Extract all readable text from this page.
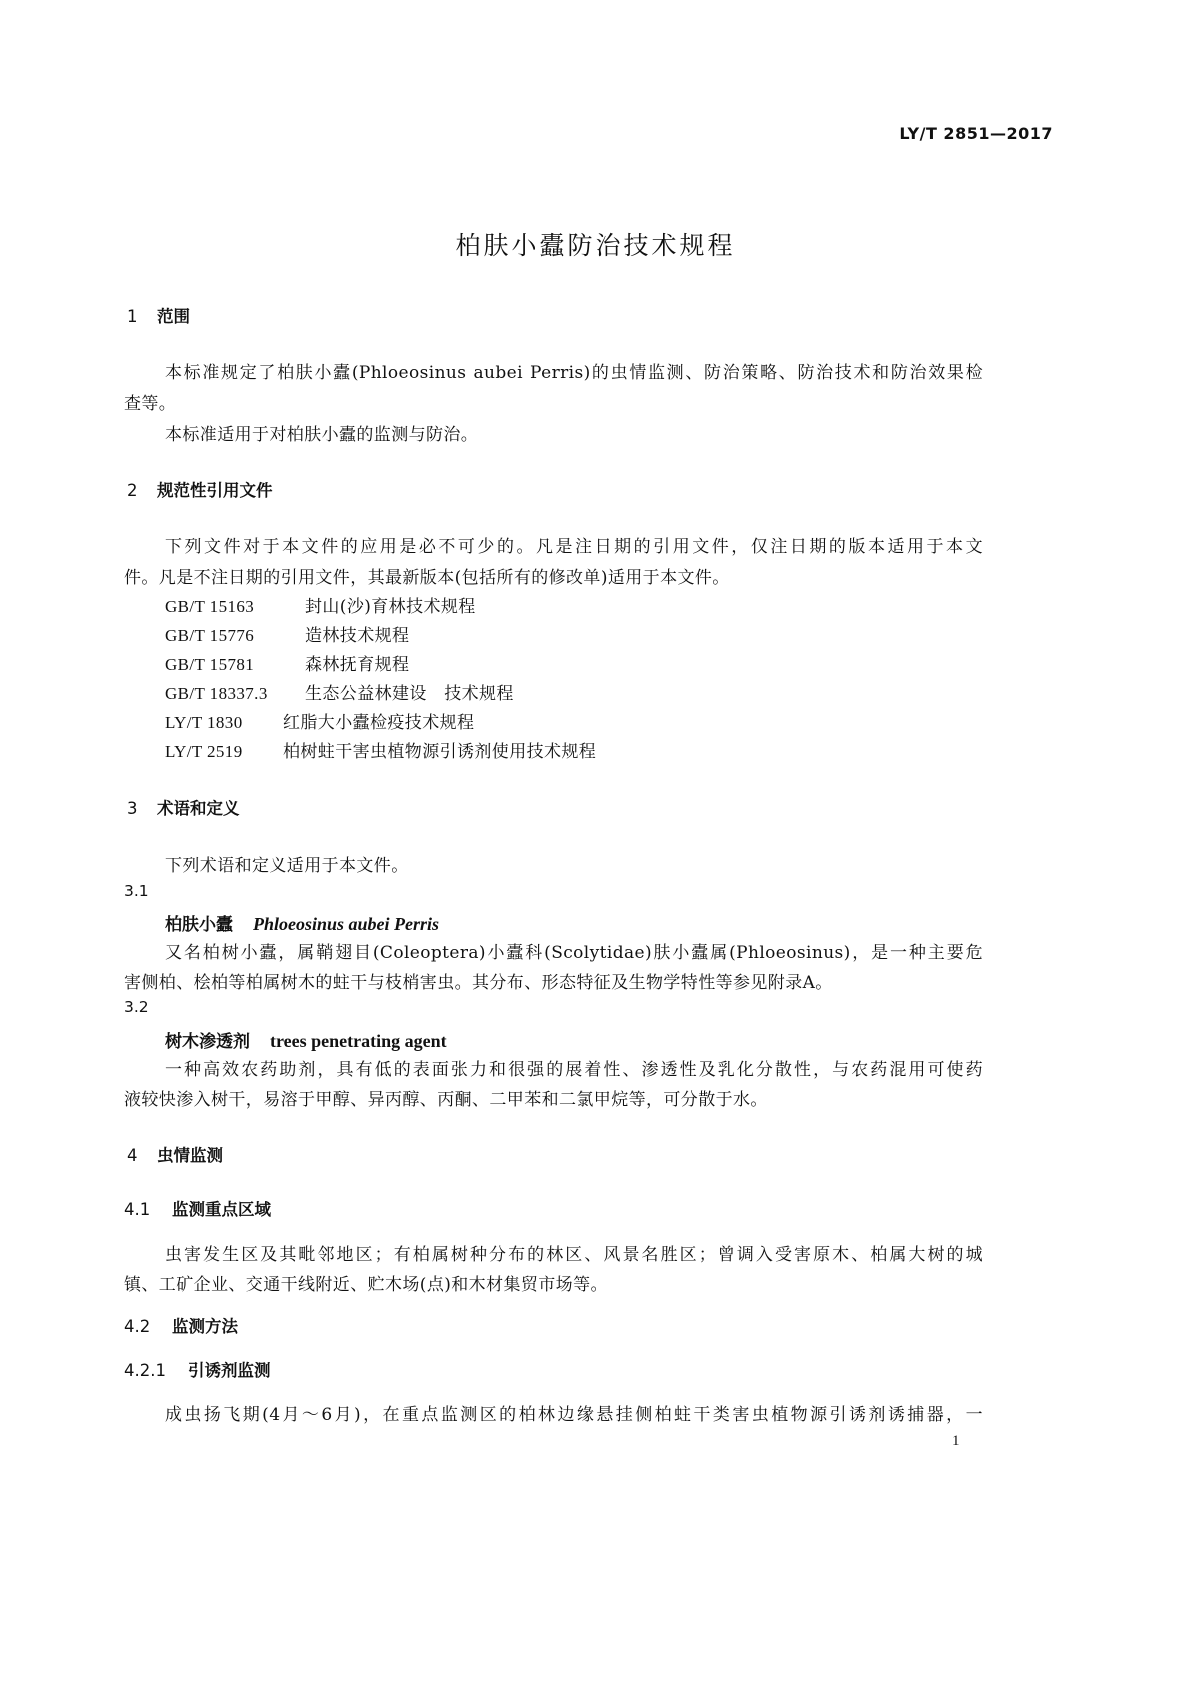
LY/T 2851—2017
柏肤小蠹防治技术规程
1 范围
本标准规定了柏肤小蠹(Phloeosinus aubei Perris)的虫情监测、防治策略、防治技术和防治效果检
查等。
本标准适用于对柏肤小蠹的监测与防治。
2 规范性引用文件
下列文件对于本文件的应用是必不可少的。凡是注日期的引用文件，仅注日期的版本适用于本文
件。凡是不注日期的引用文件，其最新版本(包括所有的修改单)适用于本文件。
GB/T 15163	封山(沙)育林技术规程
GB/T 15776	造林技术规程
GB/T 15781	森林抚育规程
GB/T 18337.3 生态公益林建设　技术规程
LY/T 1830 红脂大小蠹检疫技术规程
LY/T 2519 柏树蛀干害虫植物源引诱剂使用技术规程
3 术语和定义
下列术语和定义适用于本文件。
3.1
柏肤小蠹 Phloeosinus aubei Perris
又名柏树小蠹，属鞘翅目(Coleoptera)小蠹科(Scolytidae)肤小蠹属(Phloeosinus)，是一种主要危
害侧柏、桧柏等柏属树木的蛀干与枝梢害虫。其分布、形态特征及生物学特性等参见附录A。
3.2
树木渗透剂 trees penetrating agent
一种高效农药助剂，具有低的表面张力和很强的展着性、渗透性及乳化分散性，与农药混用可使药
液较快渗入树干，易溶于甲醇、异丙醇、丙酮、二甲苯和二氯甲烷等，可分散于水。
4 虫情监测
4.1 监测重点区域
虫害发生区及其毗邻地区；有柏属树种分布的林区、风景名胜区；曾调入受害原木、柏属大树的城
镇、工矿企业、交通干线附近、贮木场(点)和木材集贸市场等。
4.2 监测方法
4.2.1 引诱剂监测
成虫扬飞期(4月～6月)，在重点监测区的柏林边缘悬挂侧柏蛀干类害虫植物源引诱剂诱捕器，一
1
